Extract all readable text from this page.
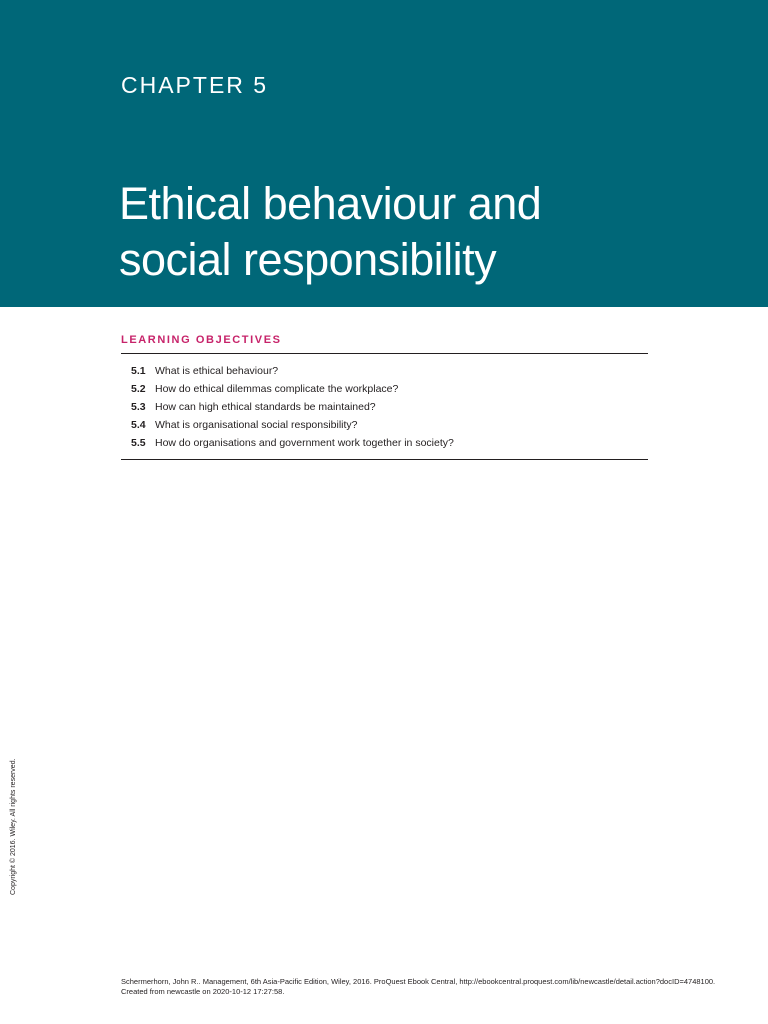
CHAPTER 5
Ethical behaviour and
social responsibility
LEARNING OBJECTIVES
5.1 What is ethical behaviour?
5.2 How do ethical dilemmas complicate the workplace?
5.3 How can high ethical standards be maintained?
5.4 What is organisational social responsibility?
5.5 How do organisations and government work together in society?
Copyright © 2016. Wiley. All rights reserved.
Schermerhorn, John R.. Management, 6th Asia-Pacific Edition, Wiley, 2016. ProQuest Ebook Central, http://ebookcentral.proquest.com/lib/newcastle/detail.action?docID=4748100.
Created from newcastle on 2020-10-12 17:27:58.
